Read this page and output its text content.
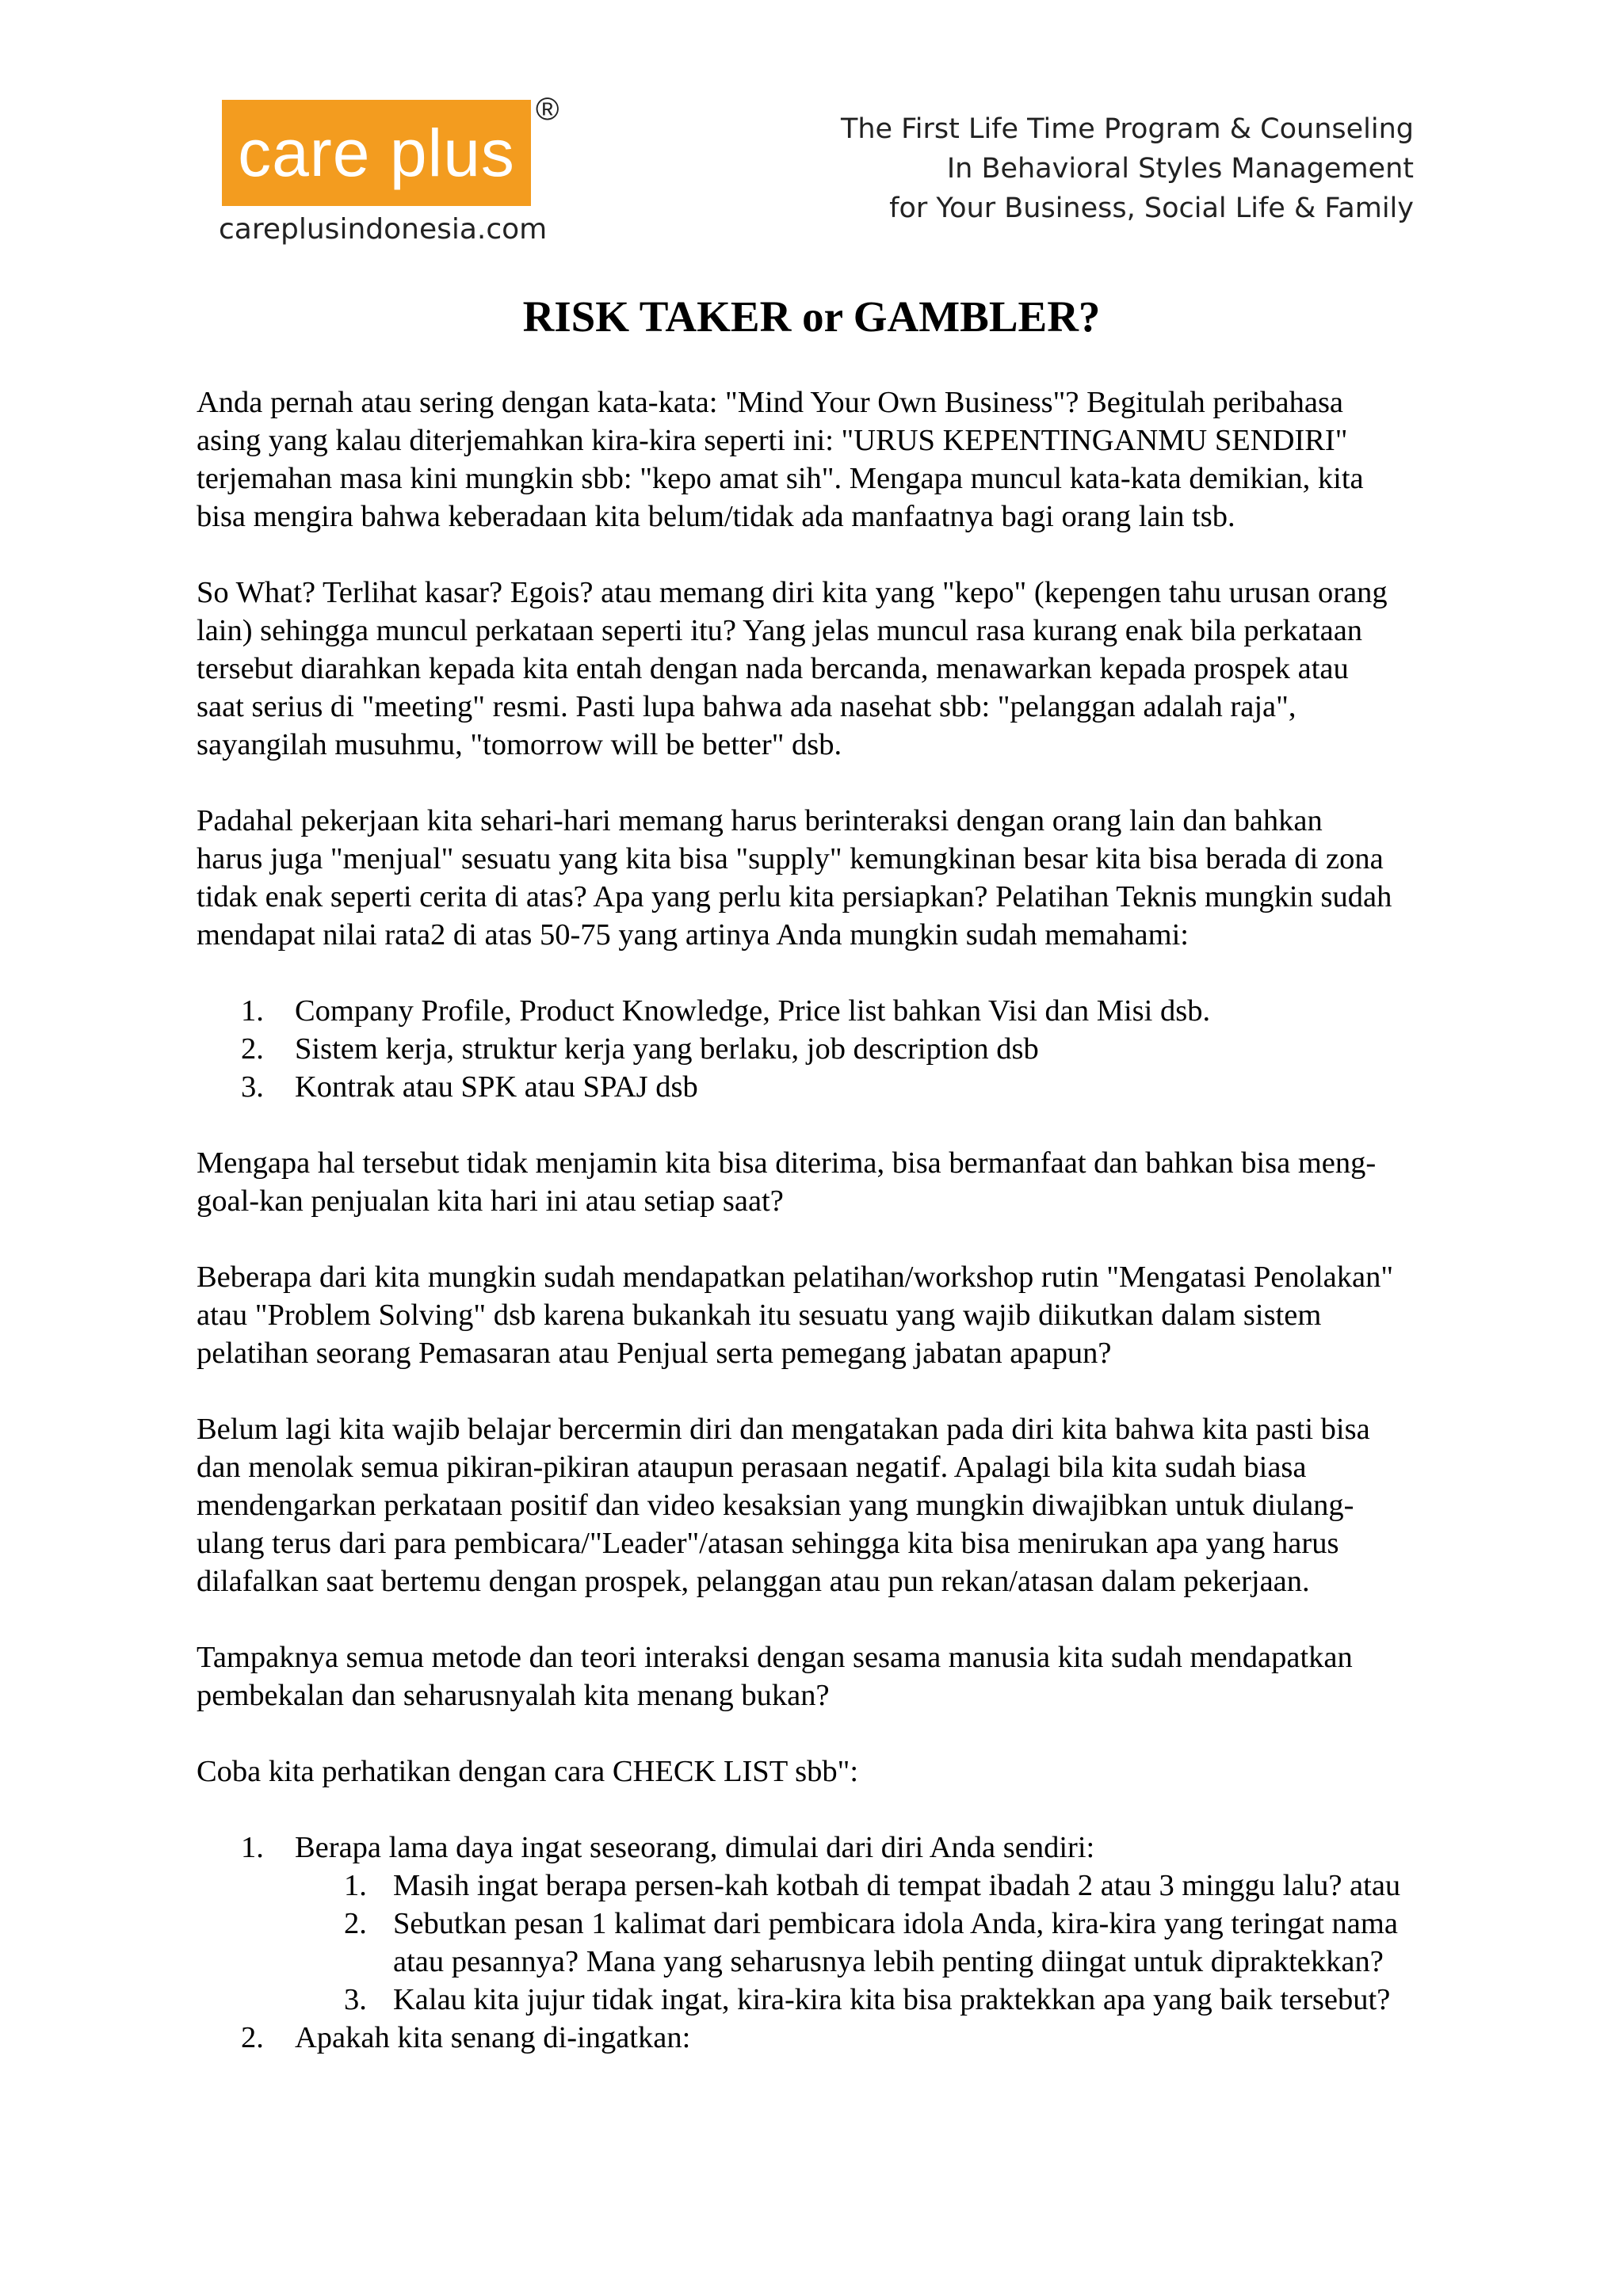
care plus
®
careplusindonesia.com
The First Life Time Program & Counseling
In Behavioral Styles Management
for Your Business, Social Life & Family
RISK TAKER or GAMBLER?

Anda pernah atau sering dengan kata-kata: "Mind Your Own Business"? Begitulah peribahasa
asing yang kalau diterjemahkan kira-kira seperti ini: "URUS KEPENTINGANMU SENDIRI"
terjemahan masa kini mungkin sbb: "kepo amat sih". Mengapa muncul kata-kata demikian, kita
bisa mengira bahwa keberadaan kita belum/tidak ada manfaatnya bagi orang lain tsb.

So What? Terlihat kasar? Egois? atau memang diri kita yang "kepo" (kepengen tahu urusan orang
lain) sehingga muncul perkataan seperti itu? Yang jelas muncul rasa kurang enak bila perkataan
tersebut diarahkan kepada kita entah dengan nada bercanda, menawarkan kepada prospek atau
saat serius di "meeting" resmi. Pasti lupa bahwa ada nasehat sbb: "pelanggan adalah raja",
sayangilah musuhmu, "tomorrow will be better" dsb.

Padahal pekerjaan kita sehari-hari memang harus berinteraksi dengan orang lain dan bahkan
harus juga "menjual" sesuatu yang kita bisa "supply" kemungkinan besar kita bisa berada di zona
tidak enak seperti cerita di atas? Apa yang perlu kita persiapkan? Pelatihan Teknis mungkin sudah
mendapat nilai rata2 di atas 50-75 yang artinya Anda mungkin sudah memahami:

1.	Company Profile, Product Knowledge, Price list bahkan Visi dan Misi dsb.
2.	Sistem kerja, struktur kerja yang berlaku, job description dsb
3.	Kontrak atau SPK atau SPAJ dsb

Mengapa hal tersebut tidak menjamin kita bisa diterima, bisa bermanfaat dan bahkan bisa meng-
goal-kan penjualan kita hari ini atau setiap saat?

Beberapa dari kita mungkin sudah mendapatkan pelatihan/workshop rutin "Mengatasi Penolakan"
atau "Problem Solving" dsb karena bukankah itu sesuatu yang wajib diikutkan dalam sistem
pelatihan seorang Pemasaran atau Penjual serta pemegang jabatan apapun?

Belum lagi kita wajib belajar bercermin diri dan mengatakan pada diri kita bahwa kita pasti bisa
dan menolak semua pikiran-pikiran ataupun perasaan negatif. Apalagi bila kita sudah biasa
mendengarkan perkataan positif dan video kesaksian yang mungkin diwajibkan untuk diulang-
ulang terus dari para pembicara/"Leader"/atasan sehingga kita bisa menirukan apa yang harus
dilafalkan saat bertemu dengan prospek, pelanggan atau pun rekan/atasan dalam pekerjaan.

Tampaknya semua metode dan teori interaksi dengan sesama manusia kita sudah mendapatkan
pembekalan dan seharusnyalah kita menang bukan?

Coba kita perhatikan dengan cara CHECK LIST sbb":

1.	Berapa lama daya ingat seseorang, dimulai dari diri Anda sendiri:
1. Masih ingat berapa persen-kah kotbah di tempat ibadah 2 atau 3 minggu lalu? atau
2. Sebutkan pesan 1 kalimat dari pembicara idola Anda, kira-kira yang teringat nama
atau pesannya? Mana yang seharusnya lebih penting diingat untuk dipraktekkan?
3. Kalau kita jujur tidak ingat, kira-kira kita bisa praktekkan apa yang baik tersebut?
2.	Apakah kita senang di-ingatkan:
